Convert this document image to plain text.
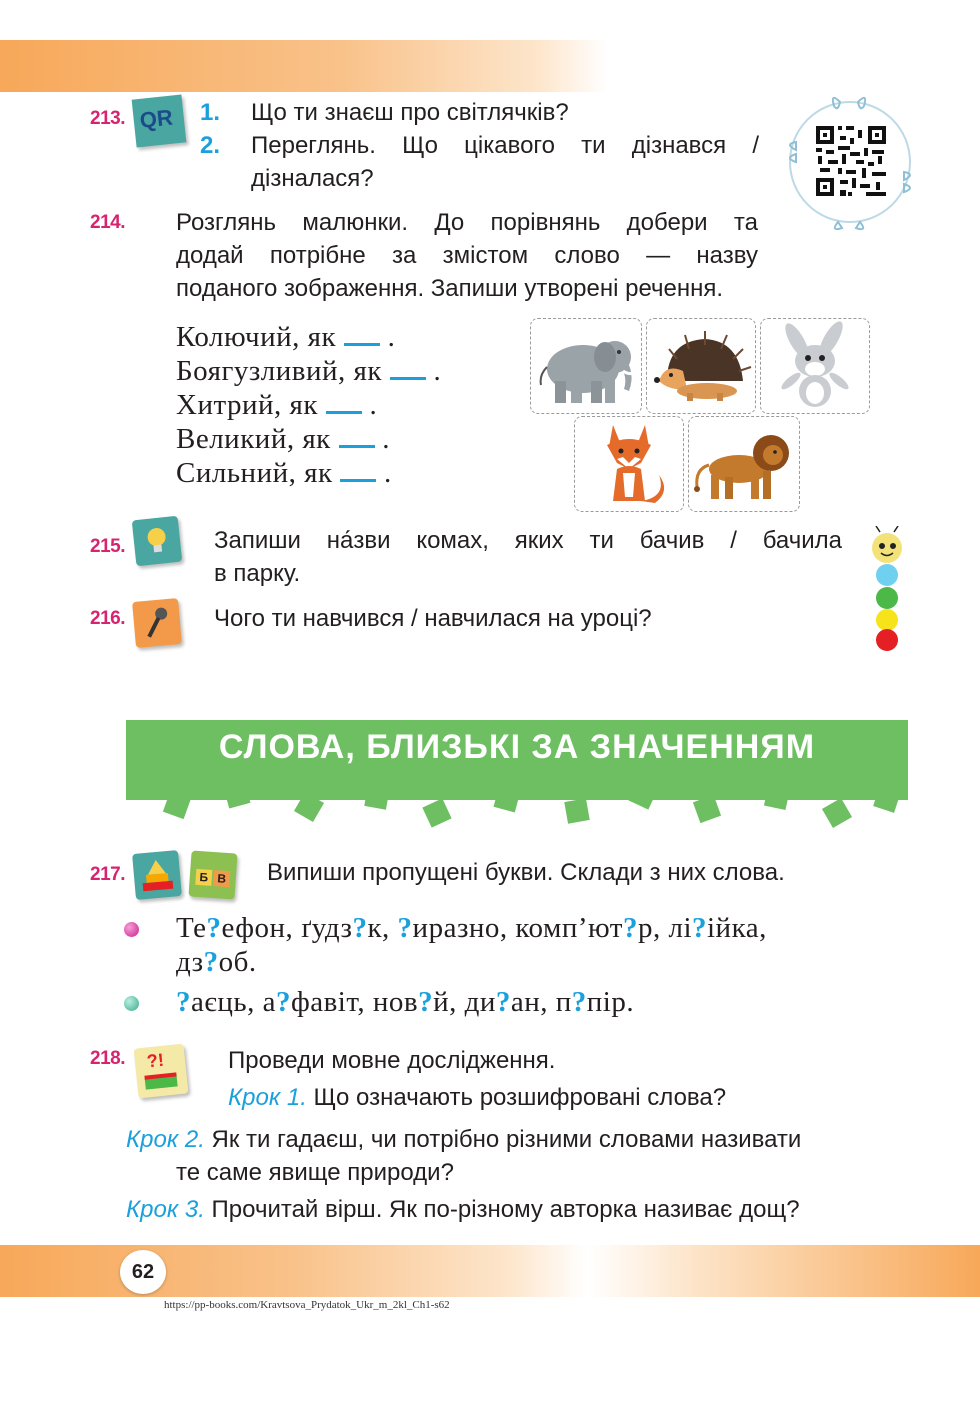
213. QR	1. Що ти знаєш про світлячків?
2. Переглянь. Що цікавого ти дізнався /
дізналася?
214. Розглянь малюнки. До порівнянь добери та
додай потрібне за змістом слово — назву
поданого зображення. Запиши утворені речення.
Колючий, як .
Боягузливий, як .
Хитрий, як .
Великий, як .
Сильний, як .
215.	Запиши на́зви комах, яких ти бачив / бачила
в парку.
216.	Чого ти навчився / навчилася на уроці?
СЛОВА, БЛИЗЬКІ ЗА ЗНАЧЕННЯМ
217.	Б В Випиши пропущені букви. Склади з них слова.
Те?ефон, ґудз?к, ?иразно, комп’ют?р, лі?ійка,
дз?об.
?аєць, а?фавіт, нов?й, ди?ан, п?пір.
218. ?!	Проведи мовне дослідження.
Крок 1. Що означають розшифровані слова?
Крок 2. Як ти гадаєш, чи потрібно різними словами називати
те саме явище природи?
Крок 3. Прочитай вірш. Як по-різному авторка називає дощ?
62
https://pp-books.com/Kravtsova_Prydatok_Ukr_m_2kl_Ch1-s62
